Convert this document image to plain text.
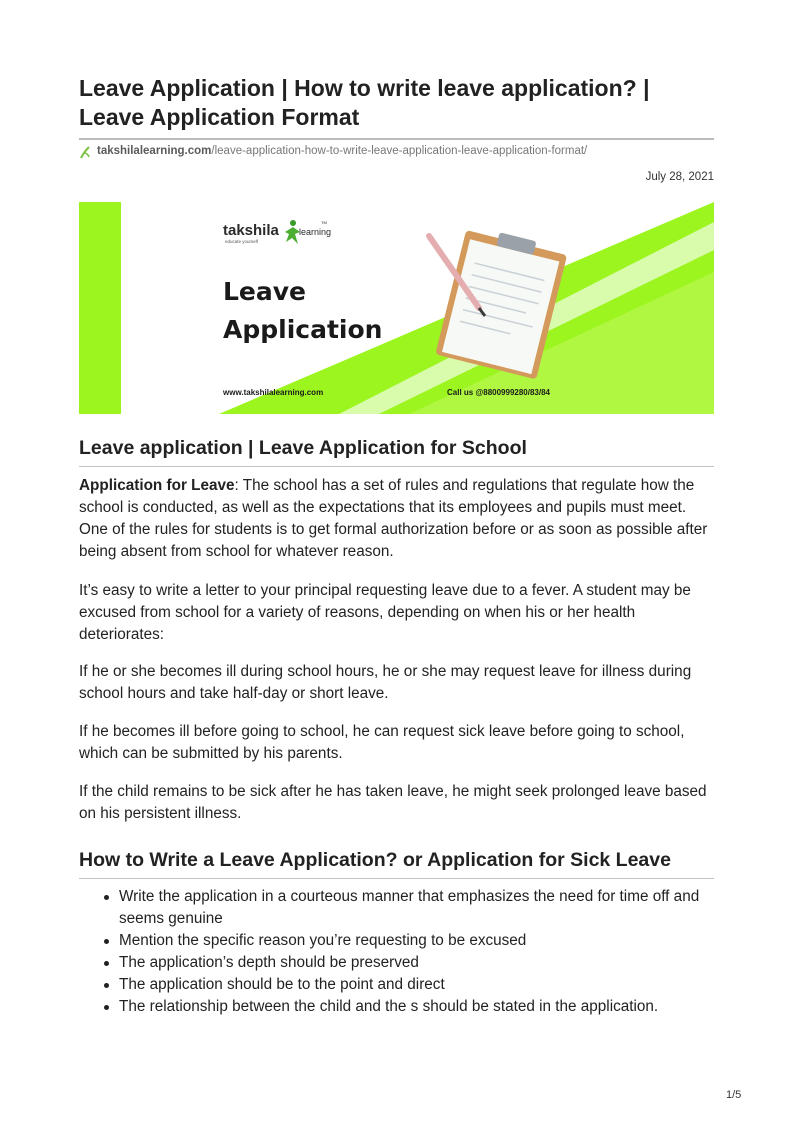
Leave Application | How to write leave application? | Leave Application Format
takshilalearning.com/leave-application-how-to-write-leave-application-leave-application-format/
July 28, 2021
takshila learning
TM
educate yourself
Leave
Application
www.takshilalearning.com	Call us @8800999280/83/84
Leave application | Leave Application for School

Application for Leave: The school has a set of rules and regulations that regulate how the school is conducted, as well as the expectations that its employees and pupils must meet. One of the rules for students is to get formal authorization before or as soon as possible after being absent from school for whatever reason.

It’s easy to write a letter to your principal requesting leave due to a fever. A student may be excused from school for a variety of reasons, depending on when his or her health deteriorates:

If he or she becomes ill during school hours, he or she may request leave for illness during school hours and take half-day or short leave.

If he becomes ill before going to school, he can request sick leave before going to school, which can be submitted by his parents.

If the child remains to be sick after he has taken leave, he might seek prolonged leave based on his persistent illness.

How to Write a Leave Application? or Application for Sick Leave
Write the application in a courteous manner that emphasizes the need for time off and seems genuine
Mention the specific reason you’re requesting to be excused
The application’s depth should be preserved
The application should be to the point and direct
The relationship between the child and the s should be stated in the application.
1/5
